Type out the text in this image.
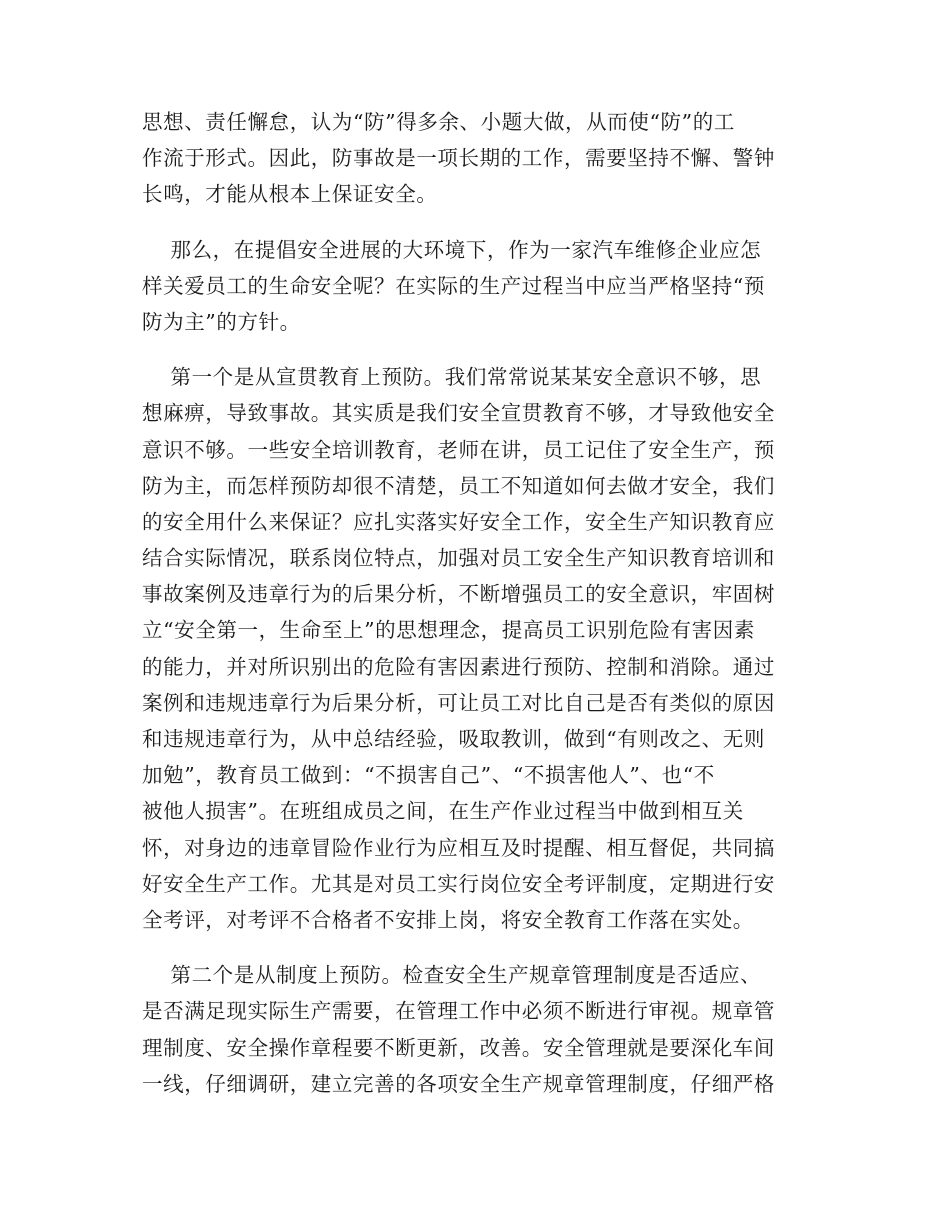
思想、责任懈怠，认为“防”得多余、小题大做，从而使“防”的工
作流于形式。因此，防事故是一项长期的工作，需要坚持不懈、警钟
长鸣，才能从根本上保证安全。
那么，在提倡安全进展的大环境下，作为一家汽车维修企业应怎
样关爱员工的生命安全呢？在实际的生产过程当中应当严格坚持“预
防为主”的方针。
第一个是从宣贯教育上预防。我们常常说某某安全意识不够，思
想麻痹，导致事故。其实质是我们安全宣贯教育不够，才导致他安全
意识不够。一些安全培训教育，老师在讲，员工记住了安全生产，预
防为主，而怎样预防却很不清楚，员工不知道如何去做才安全，我们
的安全用什么来保证？应扎实落实好安全工作，安全生产知识教育应
结合实际情况，联系岗位特点，加强对员工安全生产知识教育培训和
事故案例及违章行为的后果分析，不断增强员工的安全意识，牢固树
立“安全第一，生命至上”的思想理念，提高员工识别危险有害因素
的能力，并对所识别出的危险有害因素进行预防、控制和消除。通过
案例和违规违章行为后果分析，可让员工对比自己是否有类似的原因
和违规违章行为，从中总结经验，吸取教训，做到“有则改之、无则
加勉”，教育员工做到：“不损害自己”、“不损害他人”、也“不
被他人损害”。在班组成员之间，在生产作业过程当中做到相互关
怀，对身边的违章冒险作业行为应相互及时提醒、相互督促，共同搞
好安全生产工作。尤其是对员工实行岗位安全考评制度，定期进行安
全考评，对考评不合格者不安排上岗，将安全教育工作落在实处。
第二个是从制度上预防。检查安全生产规章管理制度是否适应、
是否满足现实际生产需要，在管理工作中必须不断进行审视。规章管
理制度、安全操作章程要不断更新，改善。安全管理就是要深化车间
一线，仔细调研，建立完善的各项安全生产规章管理制度，仔细严格
